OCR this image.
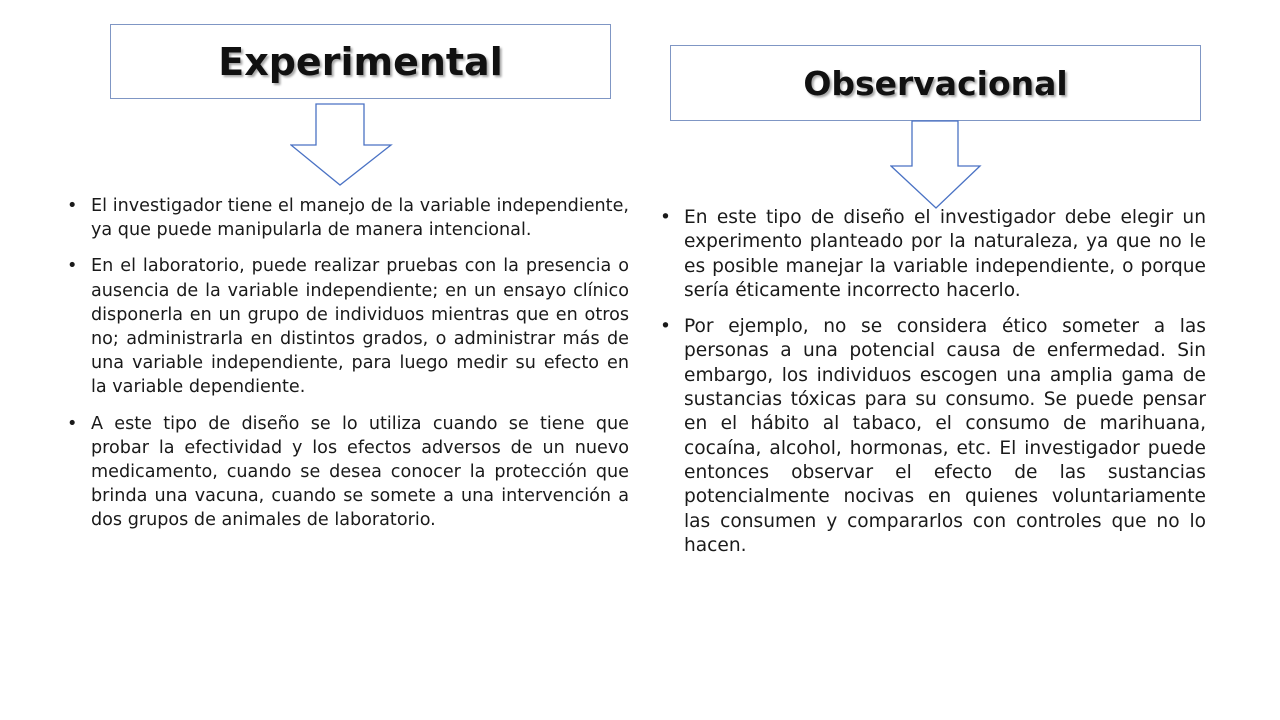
Experimental
• El investigador tiene el manejo de la variable independiente, ya que puede manipularla de manera intencional.
• En el laboratorio, puede realizar pruebas con la presencia o ausencia de la variable independiente; en un ensayo clínico disponerla en un grupo de individuos mientras que en otros no; administrarla en distintos grados, o administrar más de una variable independiente, para luego medir su efecto en la variable dependiente.
• A este tipo de diseño se lo utiliza cuando se tiene que probar la efectividad y los efectos adversos de un nuevo medicamento, cuando se desea conocer la protección que brinda una vacuna, cuando se somete a una intervención a dos grupos de animales de laboratorio.
Observacional
• En este tipo de diseño el investigador debe elegir un experimento planteado por la naturaleza, ya que no le es posible manejar la variable independiente, o porque sería éticamente incorrecto hacerlo.
• Por ejemplo, no se considera ético someter a las personas a una potencial causa de enfermedad. Sin embargo, los individuos escogen una amplia gama de sustancias tóxicas para su consumo. Se puede pensar en el hábito al tabaco, el consumo de marihuana, cocaína, alcohol, hormonas, etc. El investigador puede entonces observar el efecto de las sustancias potencialmente nocivas en quienes voluntariamente las consumen y compararlos con controles que no lo hacen.
